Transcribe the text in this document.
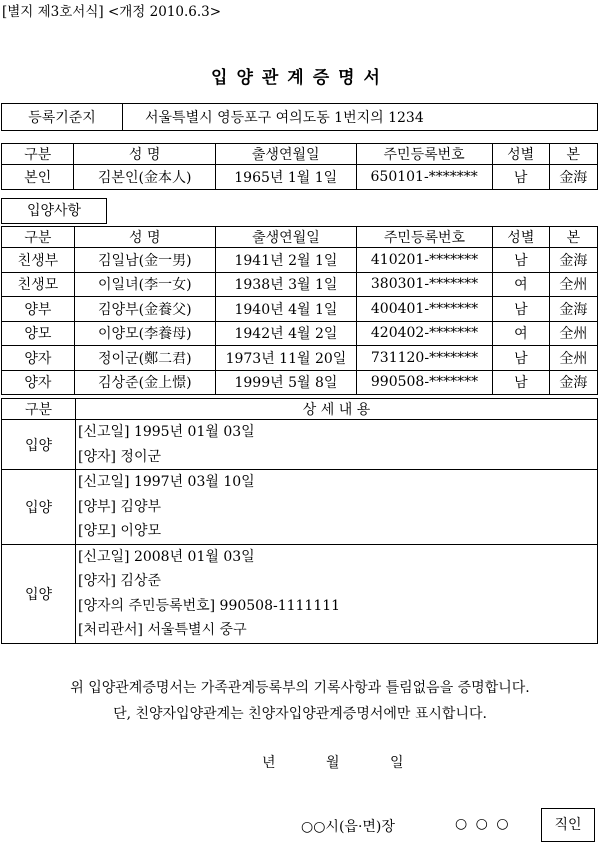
[별지 제3호서식] <개정 2010.6.3>
입양관계증명서
등록기준지	서울특별시 영등포구 여의도동 1번지의 1234
구분	성 명	출생연월일	주민등록번호	성별	본
본인	김본인(金本人)	1965년 1월 1일	650101-*******	남	金海
입양사항
구분	성 명	출생연월일	주민등록번호	성별	본
친생부	김일남(金一男)	1941년 2월 1일	410201-*******	남	金海
친생모	이일녀(李一女)	1938년 3월 1일	380301-*******	여	全州
양부	김양부(金養父)	1940년 4월 1일	400401-*******	남	金海
양모	이양모(李養母)	1942년 4월 2일	420402-*******	여	全州
양자	정이군(鄭二君)	1973년 11월 20일	731120-*******	남	全州
양자	김상준(金上憬)	1999년 5월 8일	990508-*******	남	金海
구분	상 세 내 용
입양	[신고일] 1995년 01월 03일
[양자] 정이군

입양	[신고일] 1997년 03월 10일
[양부] 김양부
[양모] 이양모

입양	[신고일] 2008년 01월 03일
[양자] 김상준
[양자의 주민등록번호] 990508-1111111
[처리관서] 서울특별시 중구
위 입양관계증명서는 가족관계등록부의 기록사항과 틀림없음을 증명합니다.
단, 친양자입양관계는 친양자입양관계증명서에만 표시합니다.
년	월	일
○○시(읍·면)장	○ ○ ○	직인
